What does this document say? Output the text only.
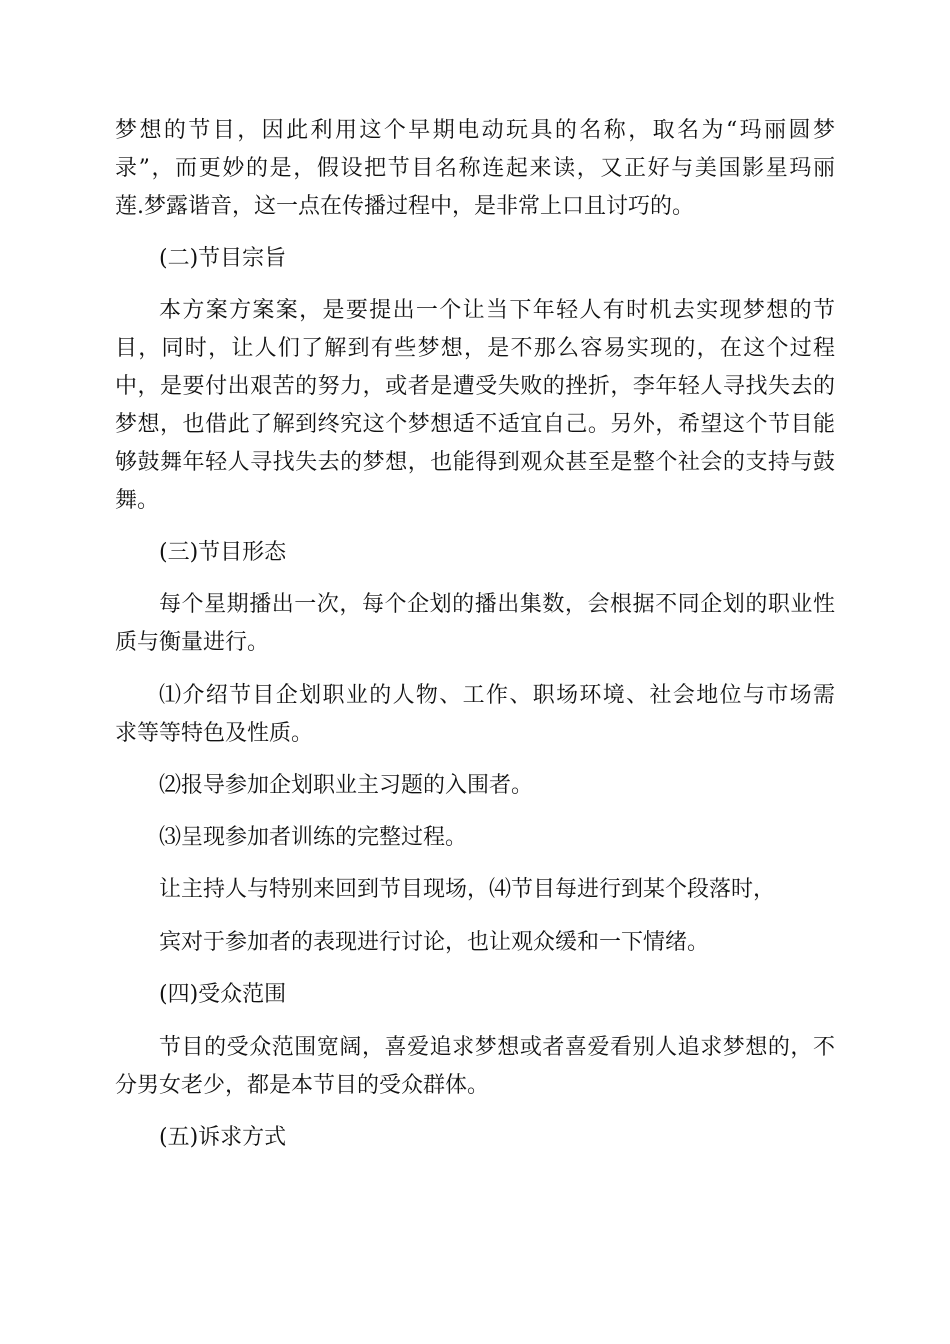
梦想的节目，因此利用这个早期电动玩具的名称，取名为“玛丽圆梦
录”，而更妙的是，假设把节目名称连起来读，又正好与美国影星玛丽
莲.梦露谐音，这一点在传播过程中，是非常上口且讨巧的。
(二)节目宗旨
本方案方案案，是要提出一个让当下年轻人有时机去实现梦想的节
目，同时，让人们了解到有些梦想，是不那么容易实现的，在这个过程
中，是要付出艰苦的努力，或者是遭受失败的挫折，李年轻人寻找失去的
梦想，也借此了解到终究这个梦想适不适宜自己。另外，希望这个节目能
够鼓舞年轻人寻找失去的梦想，也能得到观众甚至是整个社会的支持与鼓
舞。
(三)节目形态
每个星期播出一次，每个企划的播出集数，会根据不同企划的职业性
质与衡量进行。
⑴介绍节目企划职业的人物、工作、职场环境、社会地位与市场需
求等等特色及性质。
⑵报导参加企划职业主习题的入围者。
⑶呈现参加者训练的完整过程。
让主持人与特别来回到节目现场，⑷节目每进行到某个段落时，
宾对于参加者的表现进行讨论，也让观众缓和一下情绪。
(四)受众范围
节目的受众范围宽阔，喜爱追求梦想或者喜爱看别人追求梦想的，不
分男女老少，都是本节目的受众群体。
(五)诉求方式
